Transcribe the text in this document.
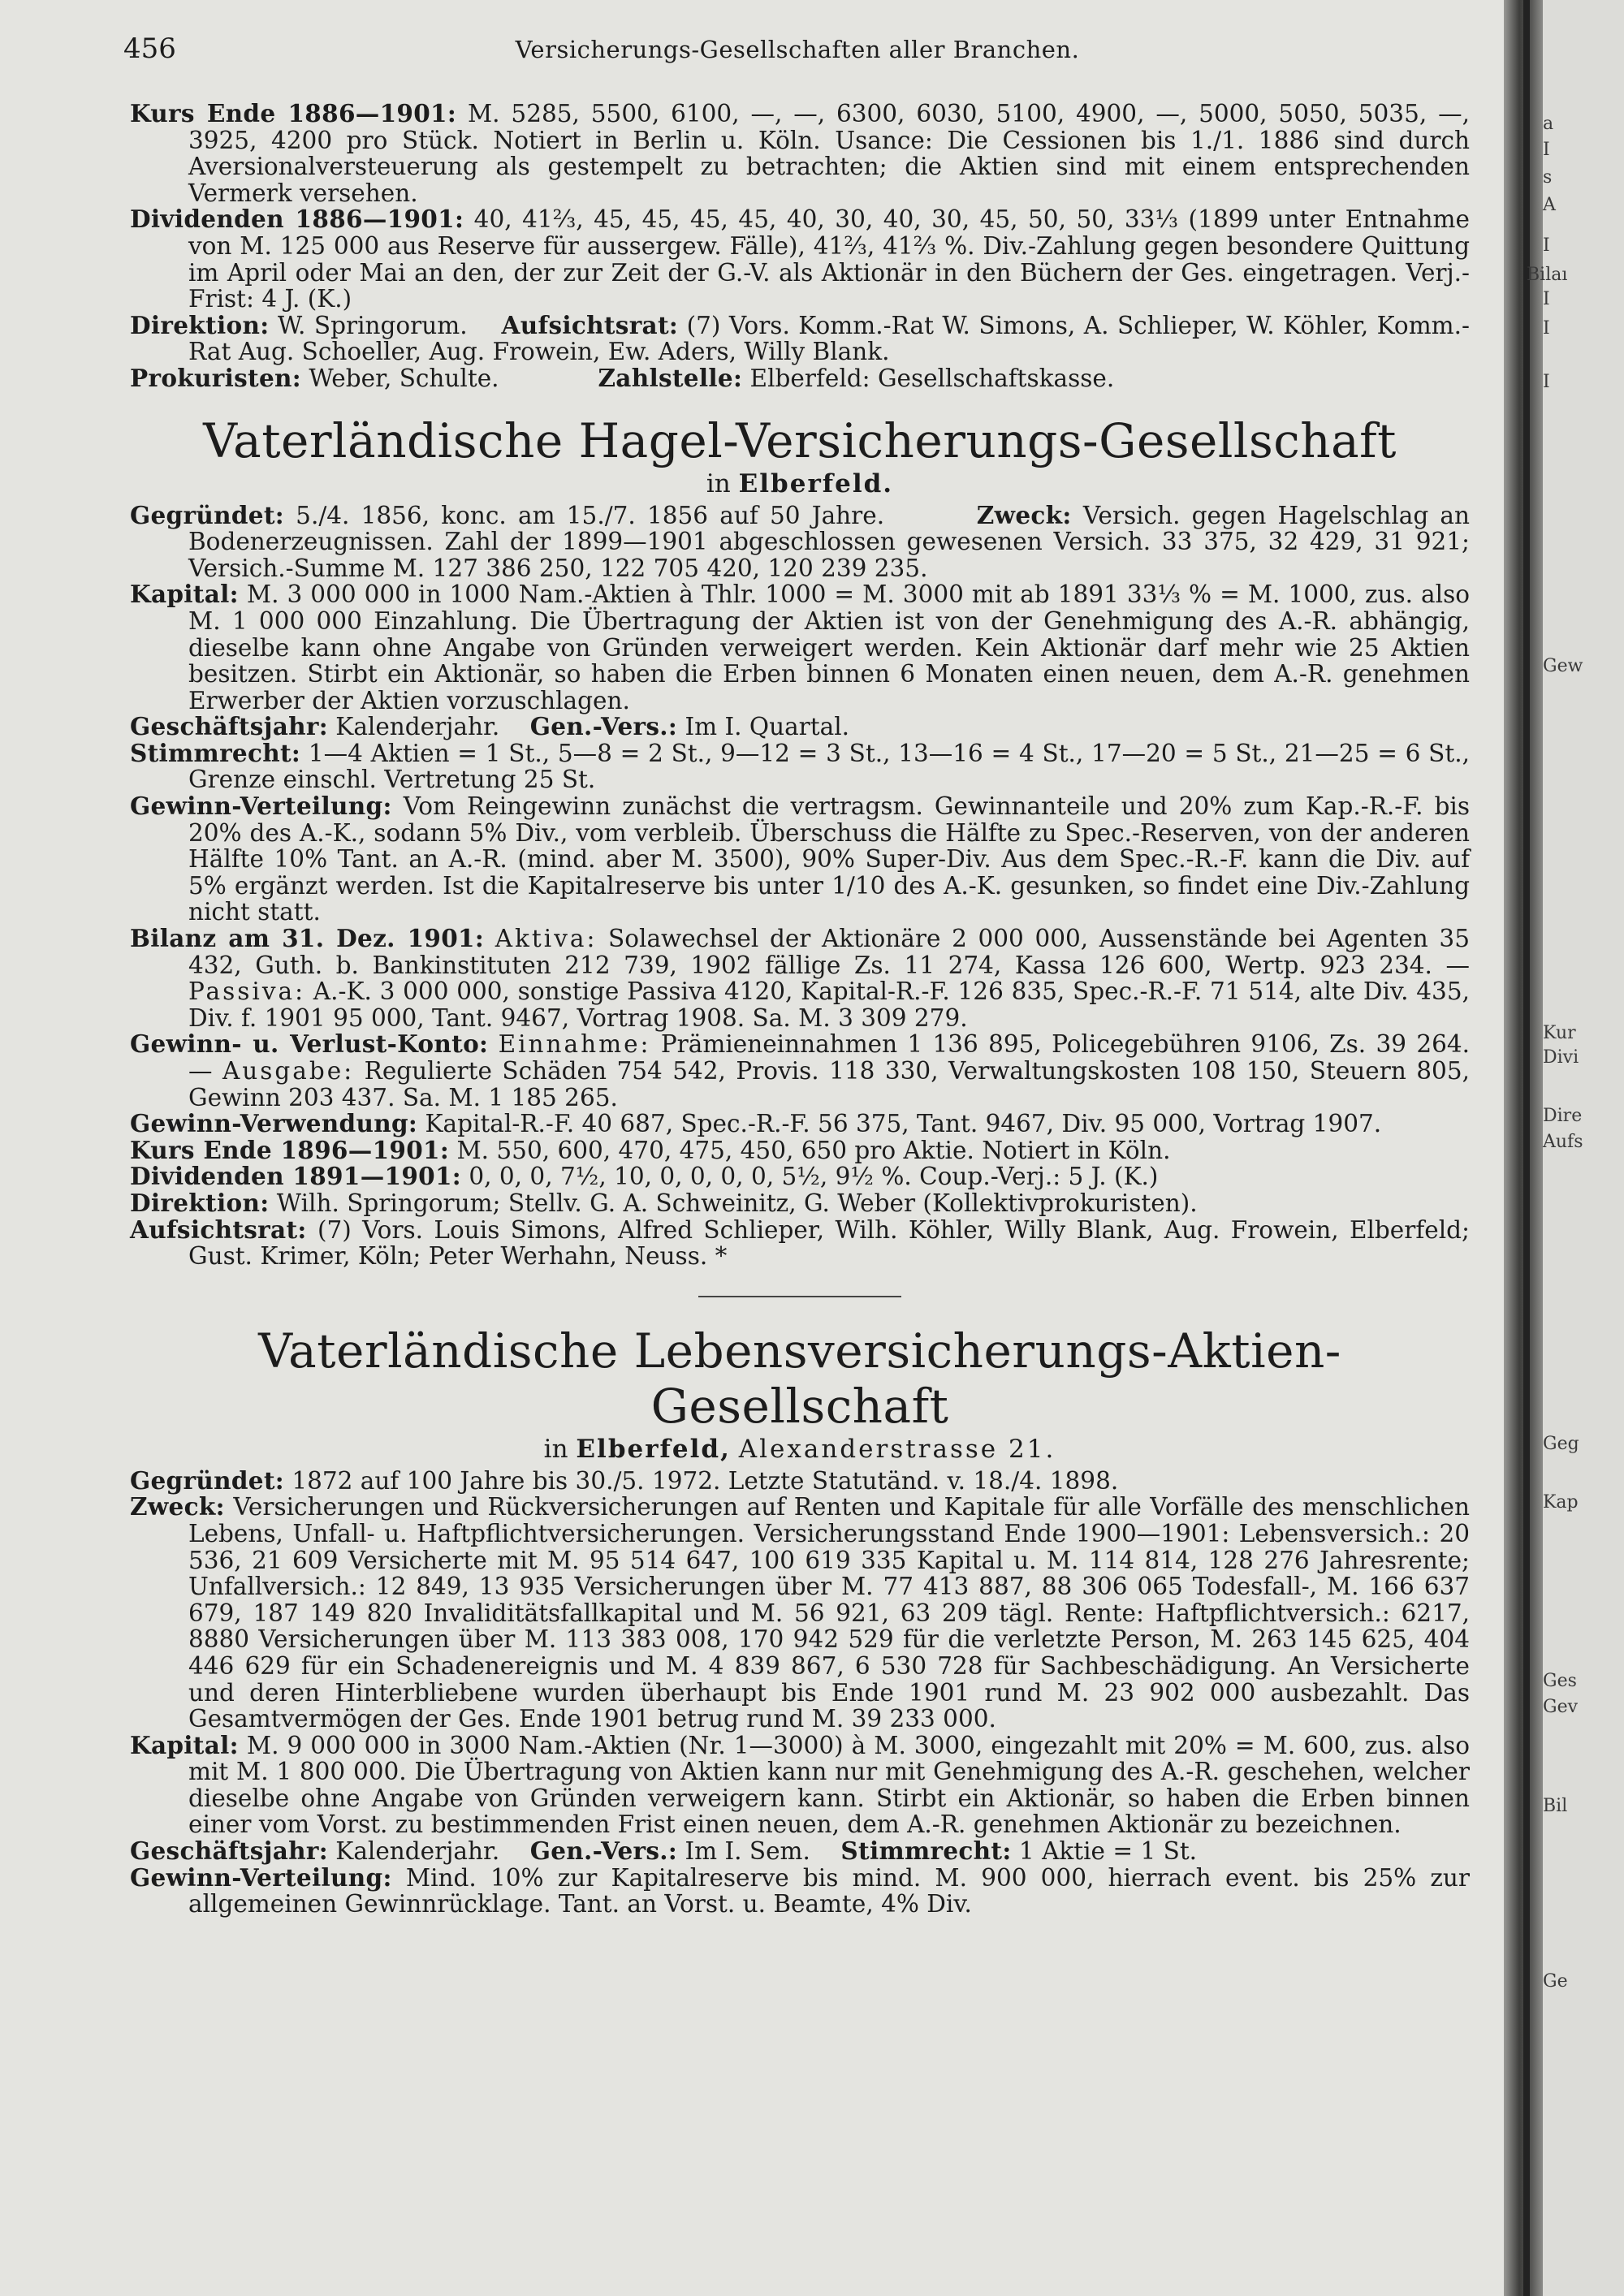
456	Versicherungs-Gesellschaften aller Branchen.

Kurs Ende 1886—1901: M. 5285, 5500, 6100, —, —, 6300, 6030, 5100, 4900, —, 5000, 5050, 5035, —, 3925, 4200 pro Stück. Notiert in Berlin u. Köln. Usance: Die Cessionen bis 1./1. 1886 sind durch Aversionalversteuerung als gestempelt zu betrachten; die Aktien sind mit einem entsprechenden Vermerk versehen.

Dividenden 1886—1901: 40, 41⅔, 45, 45, 45, 45, 40, 30, 40, 30, 45, 50, 50, 33⅓ (1899 unter Entnahme von M. 125 000 aus Reserve für aussergew. Fälle), 41⅔, 41⅔ %. Div.-Zahlung gegen besondere Quittung im April oder Mai an den, der zur Zeit der G.-V. als Aktionär in den Büchern der Ges. eingetragen. Verj.-Frist: 4 J. (K.)

Direktion: W. Springorum. Aufsichtsrat: (7) Vors. Komm.-Rat W. Simons, A. Schlieper, W. Köhler, Komm.-Rat Aug. Schoeller, Aug. Frowein, Ew. Aders, Willy Blank.

Prokuristen: Weber, Schulte.	Zahlstelle: Elberfeld: Gesellschaftskasse.

Vaterländische Hagel-Versicherungs-Gesellschaft

in Elberfeld.

Gegründet: 5./4. 1856, konc. am 15./7. 1856 auf 50 Jahre.	Zweck: Versich. gegen Hagelschlag an Bodenerzeugnissen. Zahl der 1899—1901 abgeschlossen gewesenen Versich. 33 375, 32 429, 31 921; Versich.-Summe M. 127 386 250, 122 705 420, 120 239 235.

Kapital: M. 3 000 000 in 1000 Nam.-Aktien à Thlr. 1000 = M. 3000 mit ab 1891 33⅓ % = M. 1000, zus. also M. 1 000 000 Einzahlung. Die Übertragung der Aktien ist von der Genehmigung des A.-R. abhängig, dieselbe kann ohne Angabe von Gründen verweigert werden. Kein Aktionär darf mehr wie 25 Aktien besitzen. Stirbt ein Aktionär, so haben die Erben binnen 6 Monaten einen neuen, dem A.-R. genehmen Erwerber der Aktien vorzuschlagen.

Geschäftsjahr: Kalenderjahr. Gen.-Vers.: Im I. Quartal.

Stimmrecht: 1—4 Aktien = 1 St., 5—8 = 2 St., 9—12 = 3 St., 13—16 = 4 St., 17—20 = 5 St., 21—25 = 6 St., Grenze einschl. Vertretung 25 St.

Gewinn-Verteilung: Vom Reingewinn zunächst die vertragsm. Gewinnanteile und 20% zum Kap.-R.-F. bis 20% des A.-K., sodann 5% Div., vom verbleib. Überschuss die Hälfte zu Spec.-Reserven, von der anderen Hälfte 10% Tant. an A.-R. (mind. aber M. 3500), 90% Super-Div. Aus dem Spec.-R.-F. kann die Div. auf 5% ergänzt werden. Ist die Kapitalreserve bis unter 1/10 des A.-K. gesunken, so findet eine Div.-Zahlung nicht statt.

Bilanz am 31. Dez. 1901: Aktiva: Solawechsel der Aktionäre 2 000 000, Aussenstände bei Agenten 35 432, Guth. b. Bankinstituten 212 739, 1902 fällige Zs. 11 274, Kassa 126 600, Wertp. 923 234. — Passiva: A.-K. 3 000 000, sonstige Passiva 4120, Kapital-R.-F. 126 835, Spec.-R.-F. 71 514, alte Div. 435, Div. f. 1901 95 000, Tant. 9467, Vortrag 1908. Sa. M. 3 309 279.

Gewinn- u. Verlust-Konto: Einnahme: Prämieneinnahmen 1 136 895, Policegebühren 9106, Zs. 39 264. — Ausgabe: Regulierte Schäden 754 542, Provis. 118 330, Verwaltungskosten 108 150, Steuern 805, Gewinn 203 437. Sa. M. 1 185 265.

Gewinn-Verwendung: Kapital-R.-F. 40 687, Spec.-R.-F. 56 375, Tant. 9467, Div. 95 000, Vortrag 1907.

Kurs Ende 1896—1901: M. 550, 600, 470, 475, 450, 650 pro Aktie. Notiert in Köln.

Dividenden 1891—1901: 0, 0, 0, 7½, 10, 0, 0, 0, 0, 5½, 9½ %. Coup.-Verj.: 5 J. (K.)

Direktion: Wilh. Springorum; Stellv. G. A. Schweinitz, G. Weber (Kollektivprokuristen).

Aufsichtsrat: (7) Vors. Louis Simons, Alfred Schlieper, Wilh. Köhler, Willy Blank, Aug. Frowein, Elberfeld; Gust. Krimer, Köln; Peter Werhahn, Neuss. *

Vaterländische Lebensversicherungs-Aktien-Gesellschaft

in Elberfeld, Alexanderstrasse 21.

Gegründet: 1872 auf 100 Jahre bis 30./5. 1972. Letzte Statutänd. v. 18./4. 1898.

Zweck: Versicherungen und Rückversicherungen auf Renten und Kapitale für alle Vorfälle des menschlichen Lebens, Unfall- u. Haftpflichtversicherungen. Versicherungsstand Ende 1900—1901: Lebensversich.: 20 536, 21 609 Versicherte mit M. 95 514 647, 100 619 335 Kapital u. M. 114 814, 128 276 Jahresrente; Unfallversich.: 12 849, 13 935 Versicherungen über M. 77 413 887, 88 306 065 Todesfall-, M. 166 637 679, 187 149 820 Invaliditätsfallkapital und M. 56 921, 63 209 tägl. Rente: Haftpflichtversich.: 6217, 8880 Versicherungen über M. 113 383 008, 170 942 529 für die verletzte Person, M. 263 145 625, 404 446 629 für ein Schadenereignis und M. 4 839 867, 6 530 728 für Sachbeschädigung. An Versicherte und deren Hinterbliebene wurden überhaupt bis Ende 1901 rund M. 23 902 000 ausbezahlt. Das Gesamtvermögen der Ges. Ende 1901 betrug rund M. 39 233 000.

Kapital: M. 9 000 000 in 3000 Nam.-Aktien (Nr. 1—3000) à M. 3000, eingezahlt mit 20% = M. 600, zus. also mit M. 1 800 000. Die Übertragung von Aktien kann nur mit Genehmigung des A.-R. geschehen, welcher dieselbe ohne Angabe von Gründen verweigern kann. Stirbt ein Aktionär, so haben die Erben binnen einer vom Vorst. zu bestimmenden Frist einen neuen, dem A.-R. genehmen Aktionär zu bezeichnen.

Geschäftsjahr: Kalenderjahr. Gen.-Vers.: Im I. Sem. Stimmrecht: 1 Aktie = 1 St.

Gewinn-Verteilung: Mind. 10% zur Kapitalreserve bis mind. M. 900 000, hierrach event. bis 25% zur allgemeinen Gewinnrücklage. Tant. an Vorst. u. Beamte, 4% Div.

a
I
s
A
I
Bilaı
I
I
I
Gew
Kur
Divi
Dire
Aufs
Geg
Kap
Ges
Gev
Bil
Ge
